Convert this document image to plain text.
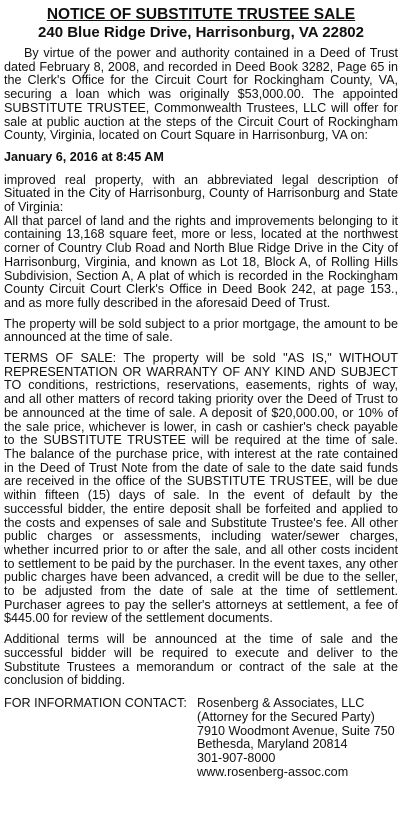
NOTICE OF SUBSTITUTE TRUSTEE SALE
240 Blue Ridge Drive, Harrisonburg, VA 22802

By virtue of the power and authority contained in a Deed of Trust dated February 8, 2008, and recorded in Deed Book 3282, Page 65 in the Clerk's Office for the Circuit Court for Rockingham County, VA, securing a loan which was originally $53,000.00. The appointed SUBSTITUTE TRUSTEE, Commonwealth Trustees, LLC will offer for sale at public auction at the steps of the Circuit Court of Rockingham County, Virginia, located on Court Square in Harrisonburg, VA on:

January 6, 2016 at 8:45 AM

improved real property, with an abbreviated legal description of Situated in the City of Harrisonburg, County of Harrisonburg and State of Virginia:

All that parcel of land and the rights and improvements belonging to it containing 13,168 square feet, more or less, located at the northwest corner of Country Club Road and North Blue Ridge Drive in the City of Harrisonburg, Virginia, and known as Lot 18, Block A, of Rolling Hills Subdivision, Section A, A plat of which is recorded in the Rockingham County Circuit Court Clerk's Office in Deed Book 242, at page 153., and as more fully described in the aforesaid Deed of Trust.

The property will be sold subject to a prior mortgage, the amount to be announced at the time of sale.

TERMS OF SALE: The property will be sold "AS IS," WITHOUT REPRESENTATION OR WARRANTY OF ANY KIND AND SUBJECT TO conditions, restrictions, reservations, easements, rights of way, and all other matters of record taking priority over the Deed of Trust to be announced at the time of sale. A deposit of $20,000.00, or 10% of the sale price, whichever is lower, in cash or cashier's check payable to the SUBSTITUTE TRUSTEE will be required at the time of sale. The balance of the purchase price, with interest at the rate contained in the Deed of Trust Note from the date of sale to the date said funds are received in the office of the SUBSTITUTE TRUSTEE, will be due within fifteen (15) days of sale. In the event of default by the successful bidder, the entire deposit shall be forfeited and applied to the costs and expenses of sale and Substitute Trustee's fee. All other public charges or assessments, including water/sewer charges, whether incurred prior to or after the sale, and all other costs incident to settlement to be paid by the purchaser. In the event taxes, any other public charges have been advanced, a credit will be due to the seller, to be adjusted from the date of sale at the time of settlement. Purchaser agrees to pay the seller's attorneys at settlement, a fee of $445.00 for review of the settlement documents.

Additional terms will be announced at the time of sale and the successful bidder will be required to execute and deliver to the Substitute Trustees a memorandum or contract of the sale at the conclusion of bidding.

FOR INFORMATION CONTACT: Rosenberg & Associates, LLC
(Attorney for the Secured Party)
7910 Woodmont Avenue, Suite 750
Bethesda, Maryland 20814
301-907-8000
www.rosenberg-assoc.com
